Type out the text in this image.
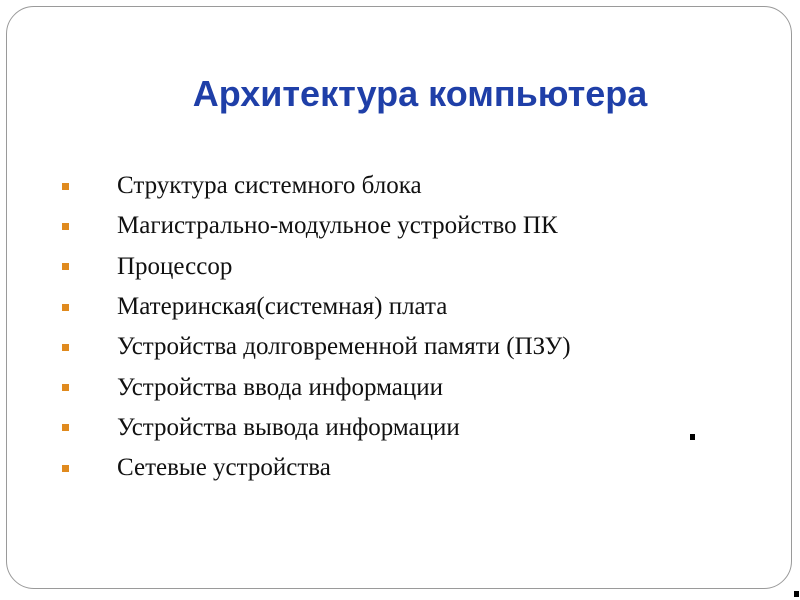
Архитектура компьютера
Структура системного блока
Магистрально-модульное устройство ПК
Процессор
Материнская(системная) плата
Устройства долговременной памяти (ПЗУ)
Устройства ввода информации
Устройства вывода информации
Сетевые устройства
